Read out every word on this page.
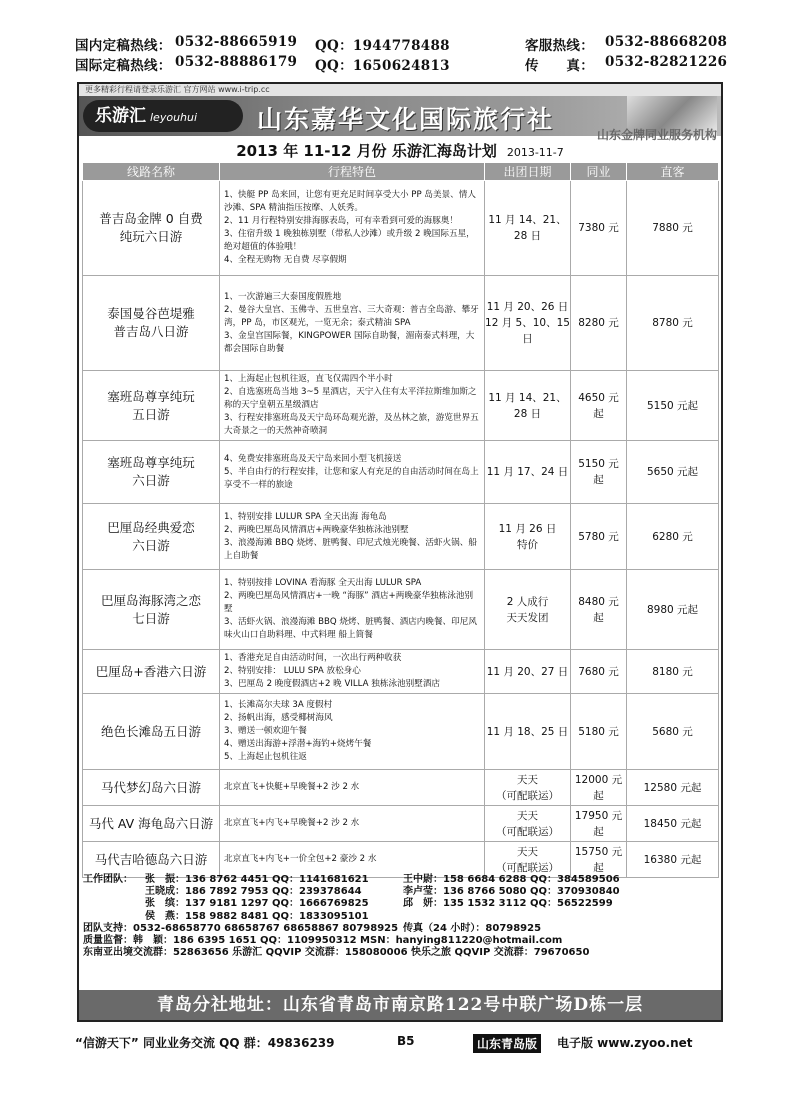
国内定稿热线： 0532-88665919 QQ：1944778488	客服热线： 0532-88668208
国际定稿热线： 0532-88886179 QQ：1650624813	传　　真： 0532-82821226
更多精彩行程请登录乐游汇 官方网站 www.i-trip.cc
乐游汇 leyouhui	山东嘉华文化国际旅行社
山东金牌同业服务机构
2013 年 11-12 月份 乐游汇海岛计划 2013-11-7
线路名称	行程特色	出团日期	同业	直客
普吉岛金牌 0 自费
纯玩六日游	1、快艇 PP 岛来回，让您有更充足时间享受大小 PP 岛美景、情人沙滩、SPA 精油指压按摩、人妖秀。
2、11 月行程特别安排海豚表岛，可有幸看到可爱的海豚奥！
3、住宿升级 1 晚独栋别墅（带私人沙滩）或升级 2 晚国际五星，绝对超值的体验哦！
4、全程无购物 无自费 尽享假期	11 月 14、21、
28 日	7380 元	7880 元
泰国曼谷芭堤雅
普吉岛八日游	1、一次游遍三大泰国度假胜地
2、曼谷大皇宫、玉佛寺、五世皇宫、三大奇观：普吉全岛游、攀牙湾，PP 岛，市区观光，一览无余；泰式精油 SPA
3、金皇宫国际餐，KINGPOWER 国际自助餐，湄南泰式料理，大都会国际自助餐	11 月 20、26 日
12 月 5、10、15
日	8280 元	8780 元
塞班岛尊享纯玩
五日游	1、上海起止包机往返，直飞仅需四个半小时
2、自选塞班岛当地 3~5 星酒店，天宁入住有太平洋拉斯维加斯之称的天宁皇朝五星级酒店
3、行程安排塞班岛及天宁岛环岛观光游，及丛林之旅，游览世界五大奇景之一的天然神奇喷洞	11 月 14、21、
28 日	4650 元
起	5150 元起
塞班岛尊享纯玩
六日游	4、免费安排塞班岛及天宁岛来回小型飞机接送
5、半自由行的行程安排，让您和家人有充足的自由活动时间在岛上享受不一样的旅途	11 月 17、24 日	5150 元
起	5650 元起
巴厘岛经典爱恋
六日游	1、特别安排 LULUR SPA 全天出海 海龟岛
2、两晚巴厘岛风情酒店+两晚豪华独栋泳池别墅
3、浪漫海滩 BBQ 烧烤、脏鸭餐、印尼式烛光晚餐、活虾火锅、船上自助餐	11 月 26 日
特价	5780 元	6280 元
巴厘岛海豚湾之恋
七日游	1、特别按排 LOVINA 看海豚 全天出海 LULUR SPA
2、两晚巴厘岛风情酒店+一晚 “海豚” 酒店+两晚豪华独栋泳池别墅
3、活虾火锅、浪漫海滩 BBQ 烧烤、脏鸭餐、酒店内晚餐、印尼风味火山口自助料理、中式料理 船上简餐	2 人成行
天天发团	8480 元
起	8980 元起
巴厘岛+香港六日游	1、香港充足自由活动时间，一次出行两种收获
2、特别安排： LULU SPA 放松身心
3、巴厘岛 2 晚度假酒店+2 晚 VILLA 独栋泳池别墅酒店	11 月 20、27 日	7680 元	8180 元
绝色长滩岛五日游	1、长滩高尔夫球 3A 度假村
2、扬帆出海，感受椰树海风
3、赠送一顿欢迎午餐
4、赠送出海游+浮潜+海钓+烧烤午餐
5、上海起止包机往返	11 月 18、25 日	5180 元	5680 元
马代梦幻岛六日游	北京直飞+快艇+早晚餐+2 沙 2 水	天天
（可配联运）	12000 元
起	12580 元起
马代 AV 海龟岛六日游	北京直飞+内飞+早晚餐+2 沙 2 水	天天
（可配联运）	17950 元
起	18450 元起
马代吉哈德岛六日游	北京直飞+内飞+一价全包+2 豪沙 2 水	天天
（可配联运）	15750 元
起	16380 元起
工作团队： 张　振：136 8762 4451 QQ：1141681621	王中尉：158 6684 6288 QQ：384589506
王晓成：186 7892 7953 QQ：239378644	李卢莹：136 8766 5080 QQ：370930840
张　缤：137 9181 1297 QQ：1666769825	邱　妍：135 1532 3112 QQ：56522599
侯　燕：158 9882 8481 QQ：1833095101
团队支持：0532-68658770 68658767 68658867 80798925 传真（24 小时）：80798925
质量监督：韩　颖：186 6395 1651 QQ：1109950312 MSN：hanying811220@hotmail.com
东南亚出境交流群：52863656 乐游汇 QQVIP 交流群：158080006 快乐之旅 QQVIP 交流群：79670650
青岛分社地址：山东省青岛市南京路122号中联广场D栋一层
“信游天下” 同业业务交流 QQ 群：49836239	B5	山东青岛版	电子版 www.zyoo.net
